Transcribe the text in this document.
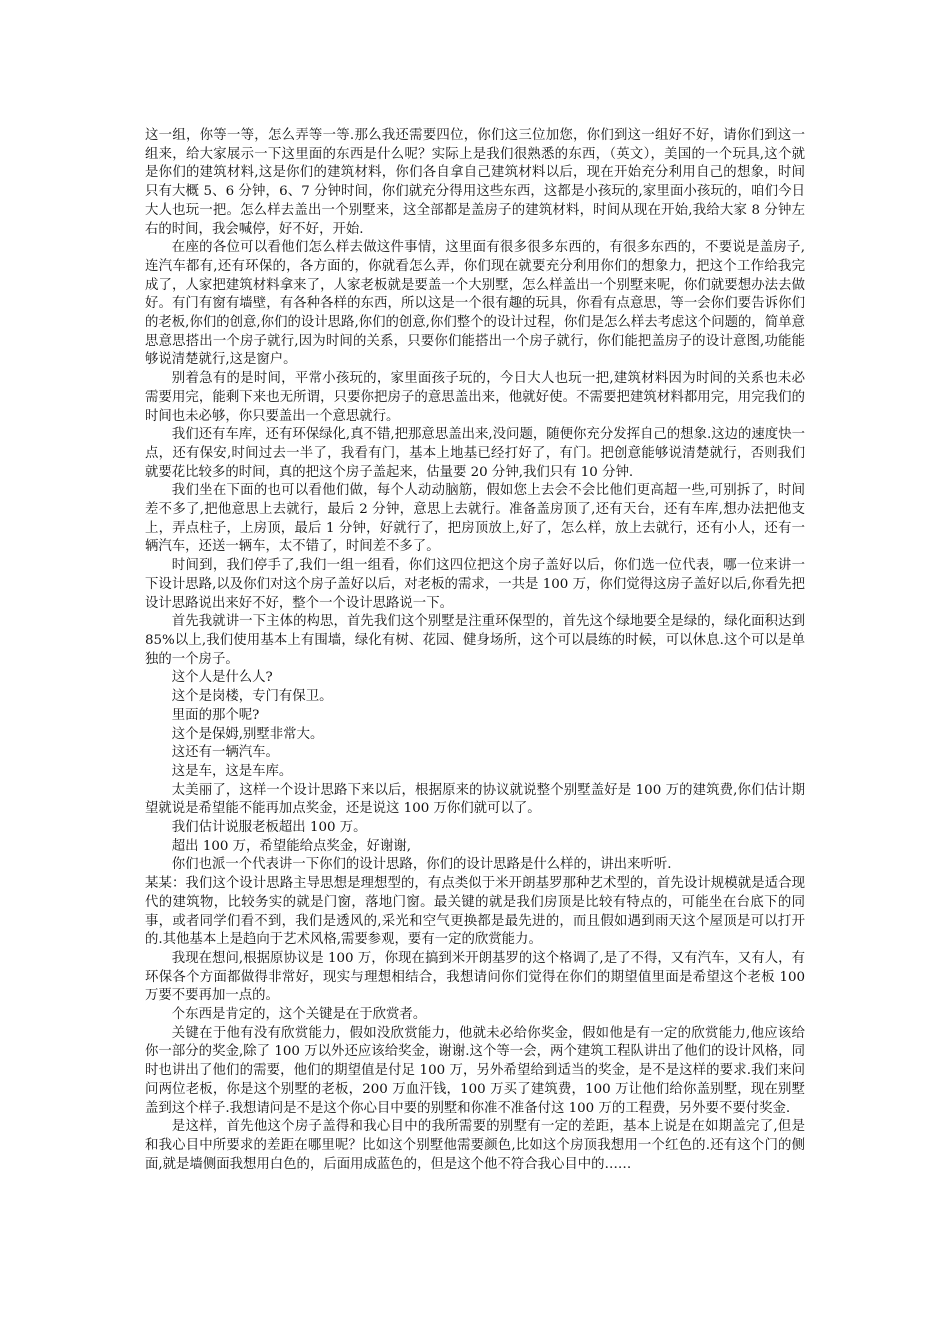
这一组，你等一等，怎么弄等一等.那么我还需要四位，你们这三位加您，你们到这一组好不好，请你们到这一组来，给大家展示一下这里面的东西是什么呢？实际上是我们很熟悉的东西，（英文），美国的一个玩具,这个就是你们的建筑材料,这是你们的建筑材料，你们各自拿自己建筑材料以后，现在开始充分利用自己的想象，时间只有大概 5、6 分钟，6、7 分钟时间，你们就充分得用这些东西，这都是小孩玩的,家里面小孩玩的，咱们今日大人也玩一把。怎么样去盖出一个别墅来，这全部都是盖房子的建筑材料，时间从现在开始,我给大家 8 分钟左右的时间，我会喊停，好不好，开始.

在座的各位可以看他们怎么样去做这件事情，这里面有很多很多东西的，有很多东西的，不要说是盖房子,连汽车都有,还有环保的，各方面的，你就看怎么弄，你们现在就要充分利用你们的想象力，把这个工作给我完成了，人家把建筑材料拿来了，人家老板就是要盖一个大别墅，怎么样盖出一个别墅来呢，你们就要想办法去做好。有门有窗有墙壁，有各种各样的东西，所以这是一个很有趣的玩具，你看有点意思，等一会你们要告诉你们的老板,你们的创意,你们的设计思路,你们的创意,你们整个的设计过程，你们是怎么样去考虑这个问题的，简单意思意思搭出一个房子就行,因为时间的关系，只要你们能搭出一个房子就行，你们能把盖房子的设计意图,功能能够说清楚就行,这是窗户。

别着急有的是时间，平常小孩玩的，家里面孩子玩的，今日大人也玩一把,建筑材料因为时间的关系也未必需要用完，能剩下来也无所谓，只要你把房子的意思盖出来，他就好使。不需要把建筑材料都用完，用完我们的时间也未必够，你只要盖出一个意思就行。

我们还有车库，还有环保绿化,真不错,把那意思盖出来,没问题，随便你充分发挥自己的想象.这边的速度快一点，还有保安,时间过去一半了，我看有门，基本上地基已经打好了，有门。把创意能够说清楚就行，否则我们就要花比较多的时间，真的把这个房子盖起来，估量要 20 分钟,我们只有 10 分钟.

我们坐在下面的也可以看他们做，每个人动动脑筋，假如您上去会不会比他们更高超一些,可别拆了，时间差不多了,把他意思上去就行，最后 2 分钟，意思上去就行。准备盖房顶了,还有天台，还有车库,想办法把他支上，弄点柱子，上房顶，最后 1 分钟，好就行了，把房顶放上,好了，怎么样，放上去就行，还有小人，还有一辆汽车，还送一辆车，太不错了，时间差不多了。

时间到，我们停手了,我们一组一组看，你们这四位把这个房子盖好以后，你们选一位代表，哪一位来讲一下设计思路,以及你们对这个房子盖好以后，对老板的需求，一共是 100 万，你们觉得这房子盖好以后,你看先把设计思路说出来好不好，整个一个设计思路说一下。

首先我就讲一下主体的构思，首先我们这个别墅是注重环保型的，首先这个绿地要全是绿的，绿化面积达到 85%以上,我们使用基本上有围墙，绿化有树、花园、健身场所，这个可以晨练的时候，可以休息.这个可以是单独的一个房子。

这个人是什么人?

这个是岗楼，专门有保卫。

里面的那个呢?

这个是保姆,别墅非常大。

这还有一辆汽车。

这是车，这是车库。

太美丽了，这样一个设计思路下来以后，根据原来的协议就说整个别墅盖好是 100 万的建筑费,你们估计期望就说是希望能不能再加点奖金，还是说这 100 万你们就可以了。

我们估计说服老板超出 100 万。

超出 100 万，希望能给点奖金，好谢谢,

你们也派一个代表讲一下你们的设计思路，你们的设计思路是什么样的，讲出来听听.

某某：我们这个设计思路主导思想是理想型的，有点类似于米开朗基罗那种艺术型的，首先设计规模就是适合现代的建筑物，比较务实的就是门窗，落地门窗。最关键的就是我们房顶是比较有特点的，可能坐在台底下的同事，或者同学们看不到，我们是透风的,采光和空气更换都是最先进的，而且假如遇到雨天这个屋顶是可以打开的.其他基本上是趋向于艺术风格,需要参观，要有一定的欣赏能力。

我现在想问,根据原协议是 100 万，你现在搞到米开朗基罗的这个格调了,是了不得，又有汽车，又有人，有环保各个方面都做得非常好，现实与理想相结合，我想请问你们觉得在你们的期望值里面是希望这个老板 100 万要不要再加一点的。

个东西是肯定的，这个关键是在于欣赏者。

关键在于他有没有欣赏能力，假如没欣赏能力，他就未必给你奖金，假如他是有一定的欣赏能力,他应该给你一部分的奖金,除了 100 万以外还应该给奖金，谢谢.这个等一会，两个建筑工程队讲出了他们的设计风格，同时也讲出了他们的需要，他们的期望值是付足 100 万，另外希望给到适当的奖金，是不是这样的要求.我们来问问两位老板，你是这个别墅的老板，200 万血汗钱，100 万买了建筑费，100 万让他们给你盖别墅，现在别墅盖到这个样子.我想请问是不是这个你心目中要的别墅和你准不准备付这 100 万的工程费，另外要不要付奖金.

是这样，首先他这个房子盖得和我心目中的我所需要的别墅有一定的差距，基本上说是在如期盖完了,但是和我心目中所要求的差距在哪里呢？比如这个别墅他需要颜色,比如这个房顶我想用一个红色的.还有这个门的侧面,就是墙侧面我想用白色的，后面用成蓝色的，但是这个他不符合我心目中的……
